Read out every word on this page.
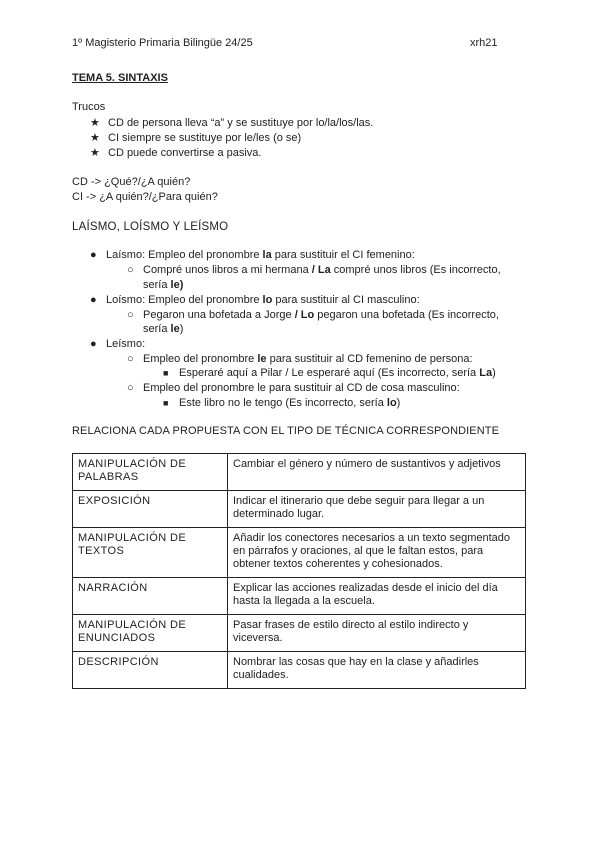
1º Magisterio Primaria Bilingüe 24/25	xrh21
TEMA 5. SINTAXIS
Trucos
★ CD de persona lleva “a” y se sustituye por lo/la/los/las.
★ CI siempre se sustituye por le/les (o se)
★ CD puede convertirse a pasiva.
CD -> ¿Qué?/¿A quién?
CI -> ¿A quién?/¿Para quién?
LAÍSMO, LOÍSMO Y LEÍSMO
● Laísmo: Empleo del pronombre la para sustituir el CI femenino:
○ Compré unos libros a mi hermana / La compré unos libros (Es incorrecto,
sería le)
● Loísmo: Empleo del pronombre lo para sustituir al CI masculino:
○ Pegaron una bofetada a Jorge / Lo pegaron una bofetada (Es incorrecto,
sería le)
● Leísmo:
○ Empleo del pronombre le para sustituir al CD femenino de persona:
■ Esperaré aquí a Pilar / Le esperaré aquí (Es incorrecto, sería La)
○ Empleo del pronombre le para sustituir al CD de cosa masculino:
■ Este libro no le tengo (Es incorrecto, sería lo)
RELACIONA CADA PROPUESTA CON EL TIPO DE TÉCNICA CORRESPONDIENTE
MANIPULACIÓN DE PALABRAS	Cambiar el género y número de sustantivos y adjetivos
EXPOSICIÓN	Indicar el itinerario que debe seguir para llegar a un determinado lugar.
MANIPULACIÓN DE TEXTOS	Añadir los conectores necesarios a un texto segmentado en párrafos y oraciones, al que le faltan estos, para obtener textos coherentes y cohesionados.
NARRACIÓN	Explicar las acciones realizadas desde el inicio del día hasta la llegada a la escuela.
MANIPULACIÓN DE ENUNCIADOS	Pasar frases de estilo directo al estilo indirecto y viceversa.
DESCRIPCIÓN	Nombrar las cosas que hay en la clase y añadirles cualidades.
